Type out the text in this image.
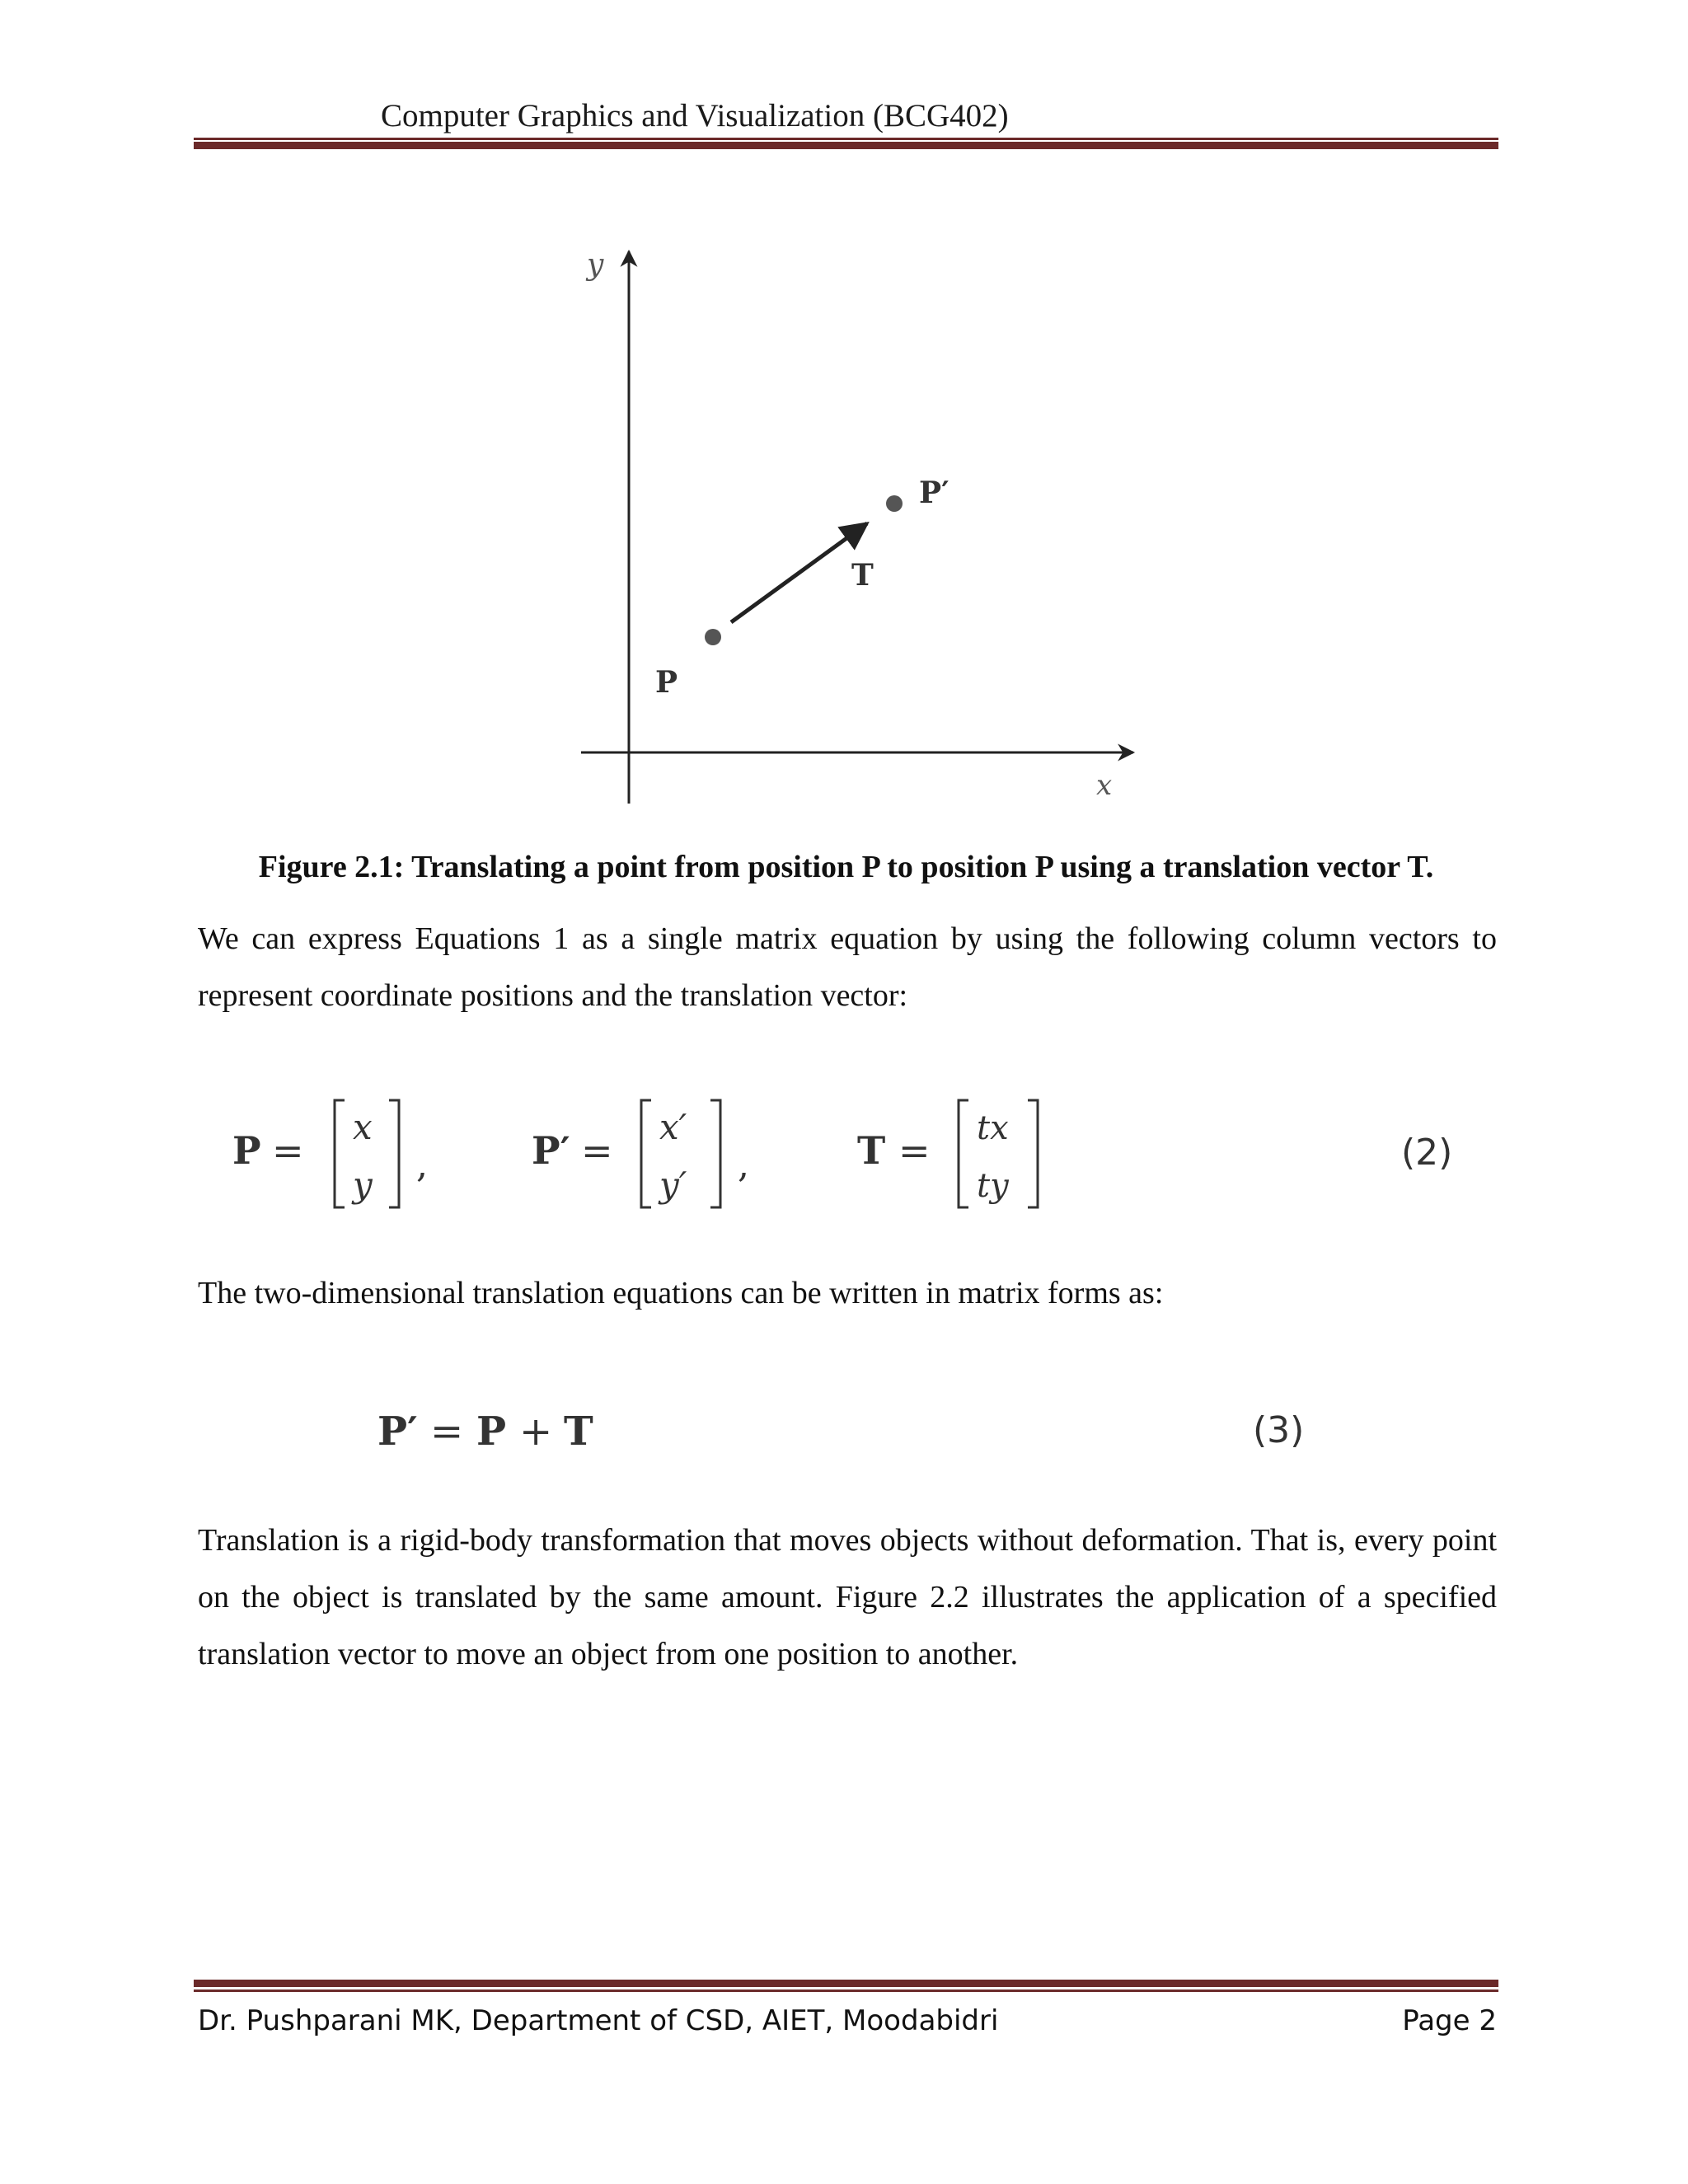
Computer Graphics and Visualization (BCG402)
y
x
P
P′
T
Figure 2.1: Translating a point from position P to position P using a translation vector T.

We can express Equations 1 as a single matrix equation by using the following column vectors to represent coordinate positions and the translation vector:

P =
x
y ,	P′ =
x′
y′ ,	T = tx
ty
(2)

The two-dimensional translation equations can be written in matrix forms as:

P′ = P + T	(3)

Translation is a rigid-body transformation that moves objects without deformation. That is, every point on the object is translated by the same amount. Figure 2.2 illustrates the application of a specified translation vector to move an object from one position to another.

Dr. Pushparani MK, Department of CSD, AIET, Moodabidri	Page 2
